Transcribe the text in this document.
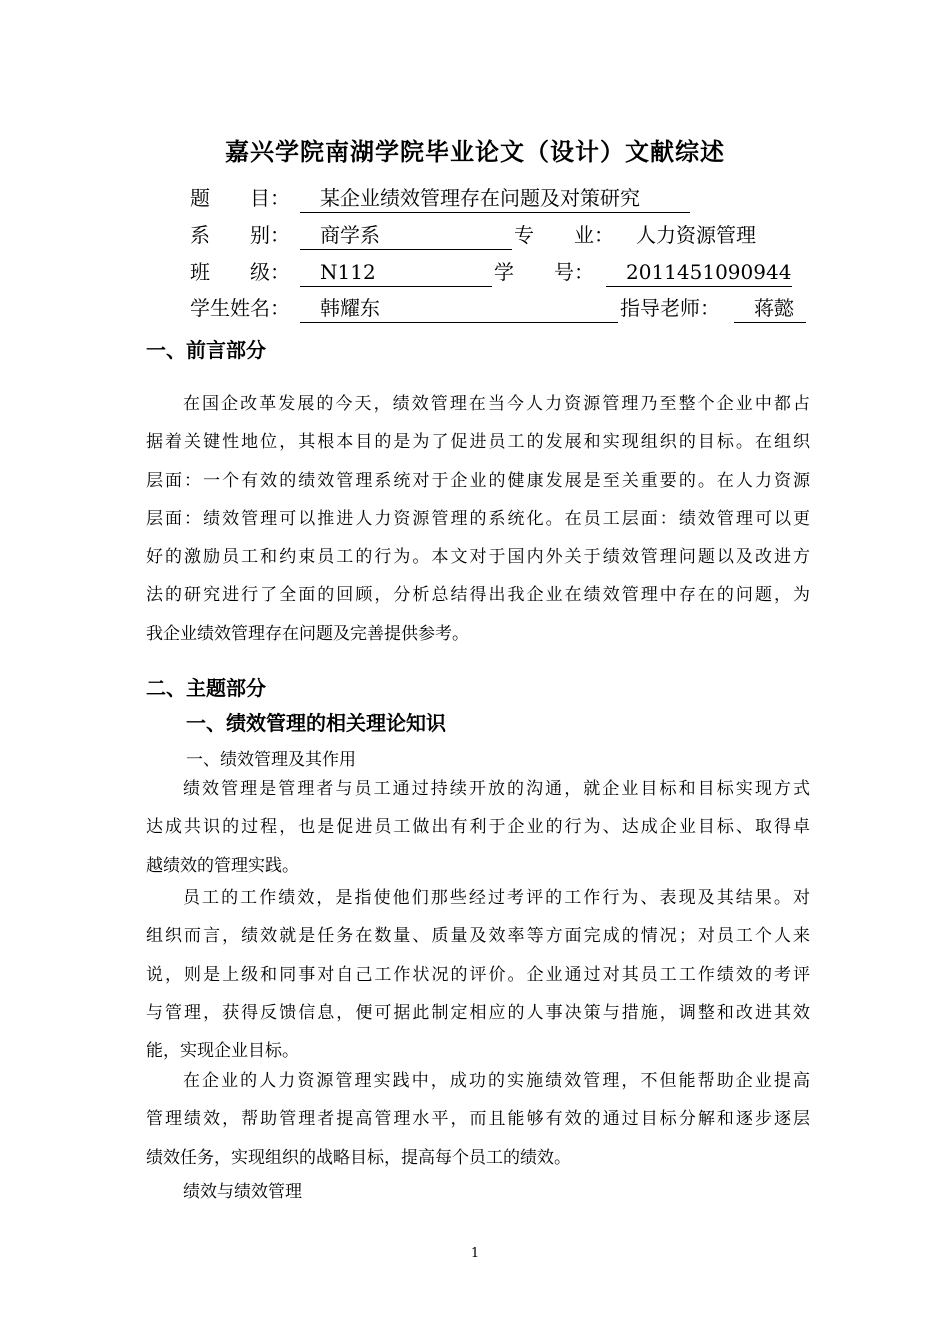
嘉兴学院南湖学院毕业论文（设计）文献综述
题　　目： 　某企业绩效管理存在问题及对策研究
系　　别： 　商学系	专　　业： 人力资源管理
班　　级： 　N112	学　　号： 　2011451090944
学生姓名： 　韩耀东	指导老师： 　蒋懿
一、前言部分
在国企改革发展的今天，绩效管理在当今人力资源管理乃至整个企业中都占
据着关键性地位，其根本目的是为了促进员工的发展和实现组织的目标。在组织
层面：一个有效的绩效管理系统对于企业的健康发展是至关重要的。在人力资源
层面：绩效管理可以推进人力资源管理的系统化。在员工层面：绩效管理可以更
好的激励员工和约束员工的行为。本文对于国内外关于绩效管理问题以及改进方
法的研究进行了全面的回顾，分析总结得出我企业在绩效管理中存在的问题，为
我企业绩效管理存在问题及完善提供参考。
二、主题部分
一、绩效管理的相关理论知识
一、绩效管理及其作用
绩效管理是管理者与员工通过持续开放的沟通，就企业目标和目标实现方式
达成共识的过程，也是促进员工做出有利于企业的行为、达成企业目标、取得卓
越绩效的管理实践。
员工的工作绩效，是指使他们那些经过考评的工作行为、表现及其结果。对
组织而言，绩效就是任务在数量、质量及效率等方面完成的情况；对员工个人来
说，则是上级和同事对自己工作状况的评价。企业通过对其员工工作绩效的考评
与管理，获得反馈信息，便可据此制定相应的人事决策与措施，调整和改进其效
能，实现企业目标。
在企业的人力资源管理实践中，成功的实施绩效管理，不但能帮助企业提高
管理绩效，帮助管理者提高管理水平，而且能够有效的通过目标分解和逐步逐层
绩效任务，实现组织的战略目标，提高每个员工的绩效。
绩效与绩效管理
1
